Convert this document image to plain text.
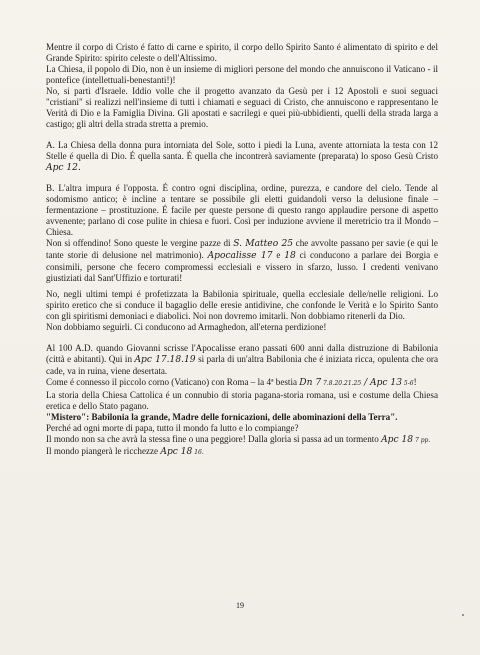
Mentre il corpo di Cristo é fatto di carne e spirito, il corpo dello Spirito Santo é alimentato di spirito e del Grande Spirito: spirito celeste o dell'Altissimo.

La Chiesa, il popolo di Dio, non è un insieme di migliori persone del mondo che annuiscono il Vaticano - il pontefice (intellettuali-benestanti!)!

No, si partì d'Israele. Iddio volle che il progetto avanzato da Gesù per i 12 Apostoli e suoi seguaci "cristiani" si realizzi nell'insieme di tutti i chiamati e seguaci di Cristo, che annuiscono e rappresentano le Verità di Dio e la Famiglia Divina. Gli apostati e sacrilegi e quei più-ubbidienti, quelli della strada larga a castigo; gli altri della strada stretta a premio.

A. La Chiesa della donna pura intorniata del Sole, sotto i piedi la Luna, avente attorniata la testa con 12 Stelle é quella di Dio. É quella santa. É quella che incontrerà saviamente (preparata) lo sposo Gesù Cristo Apc 12.

B. L'altra impura é l'opposta. É contro ogni disciplina, ordine, purezza, e candore del cielo. Tende al sodomismo antico; è incline a tentare se possibile gli eletti guidandoli verso la delusione finale – fermentazione – prostituzione. É facile per queste persone di questo rango applaudire persone di aspetto avvenente; parlano di cose pulite in chiesa e fuori. Così per induzione avviene il meretricio tra il Mondo – Chiesa.

Non si offendino! Sono queste le vergine pazze di S. Matteo 25 che avvolte passano per savie (e qui le tante storie di delusione nel matrimonio). Apocalisse 17 e 18 ci conducono a parlare dei Borgia e consimili, persone che fecero compromessi ecclesiali e vissero in sfarzo, lusso. I credenti venivano giustiziati dal Sant'Uffizio e torturati!

No, negli ultimi tempi é profetizzata la Babilonia spirituale, quella ecclesiale delle/nelle religioni. Lo spirito eretico che si conduce il bagaglio delle eresie antidivine, che confonde le Verità e lo Spirito Santo con gli spiritismi demoniaci e diabolici. Noi non dovremo imitarli. Non dobbiamo ritenerli da Dio.

Non dobbiamo seguirli. Ci conducono ad Armaghedon, all'eterna perdizione!

Al 100 A.D. quando Giovanni scrisse l'Apocalisse erano passati 600 anni dalla distruzione di Babilonia (città e abitanti). Qui in Apc 17.18.19 si parla di un'altra Babilonia che é iniziata ricca, opulenta che ora cade, va in ruina, viene desertata.

Come é connesso il piccolo corno (Vaticano) con Roma – la 4ª bestia Dn 7 7.8.20.21.25 / Apc 13 5-6!

La storia della Chiesa Cattolica é un connubio di storia pagana-storia romana, usi e costume della Chiesa eretica e dello Stato pagano.

"Mistero": Babilonia la grande, Madre delle fornicazioni, delle abominazioni della Terra".

Perché ad ogni morte di papa, tutto il mondo fa lutto e lo compiange?

Il mondo non sa che avrà la stessa fine o una peggiore! Dalla gloria si passa ad un tormento Apc 18 7 pp.

Il mondo piangerà le ricchezze Apc 18 16.

19
